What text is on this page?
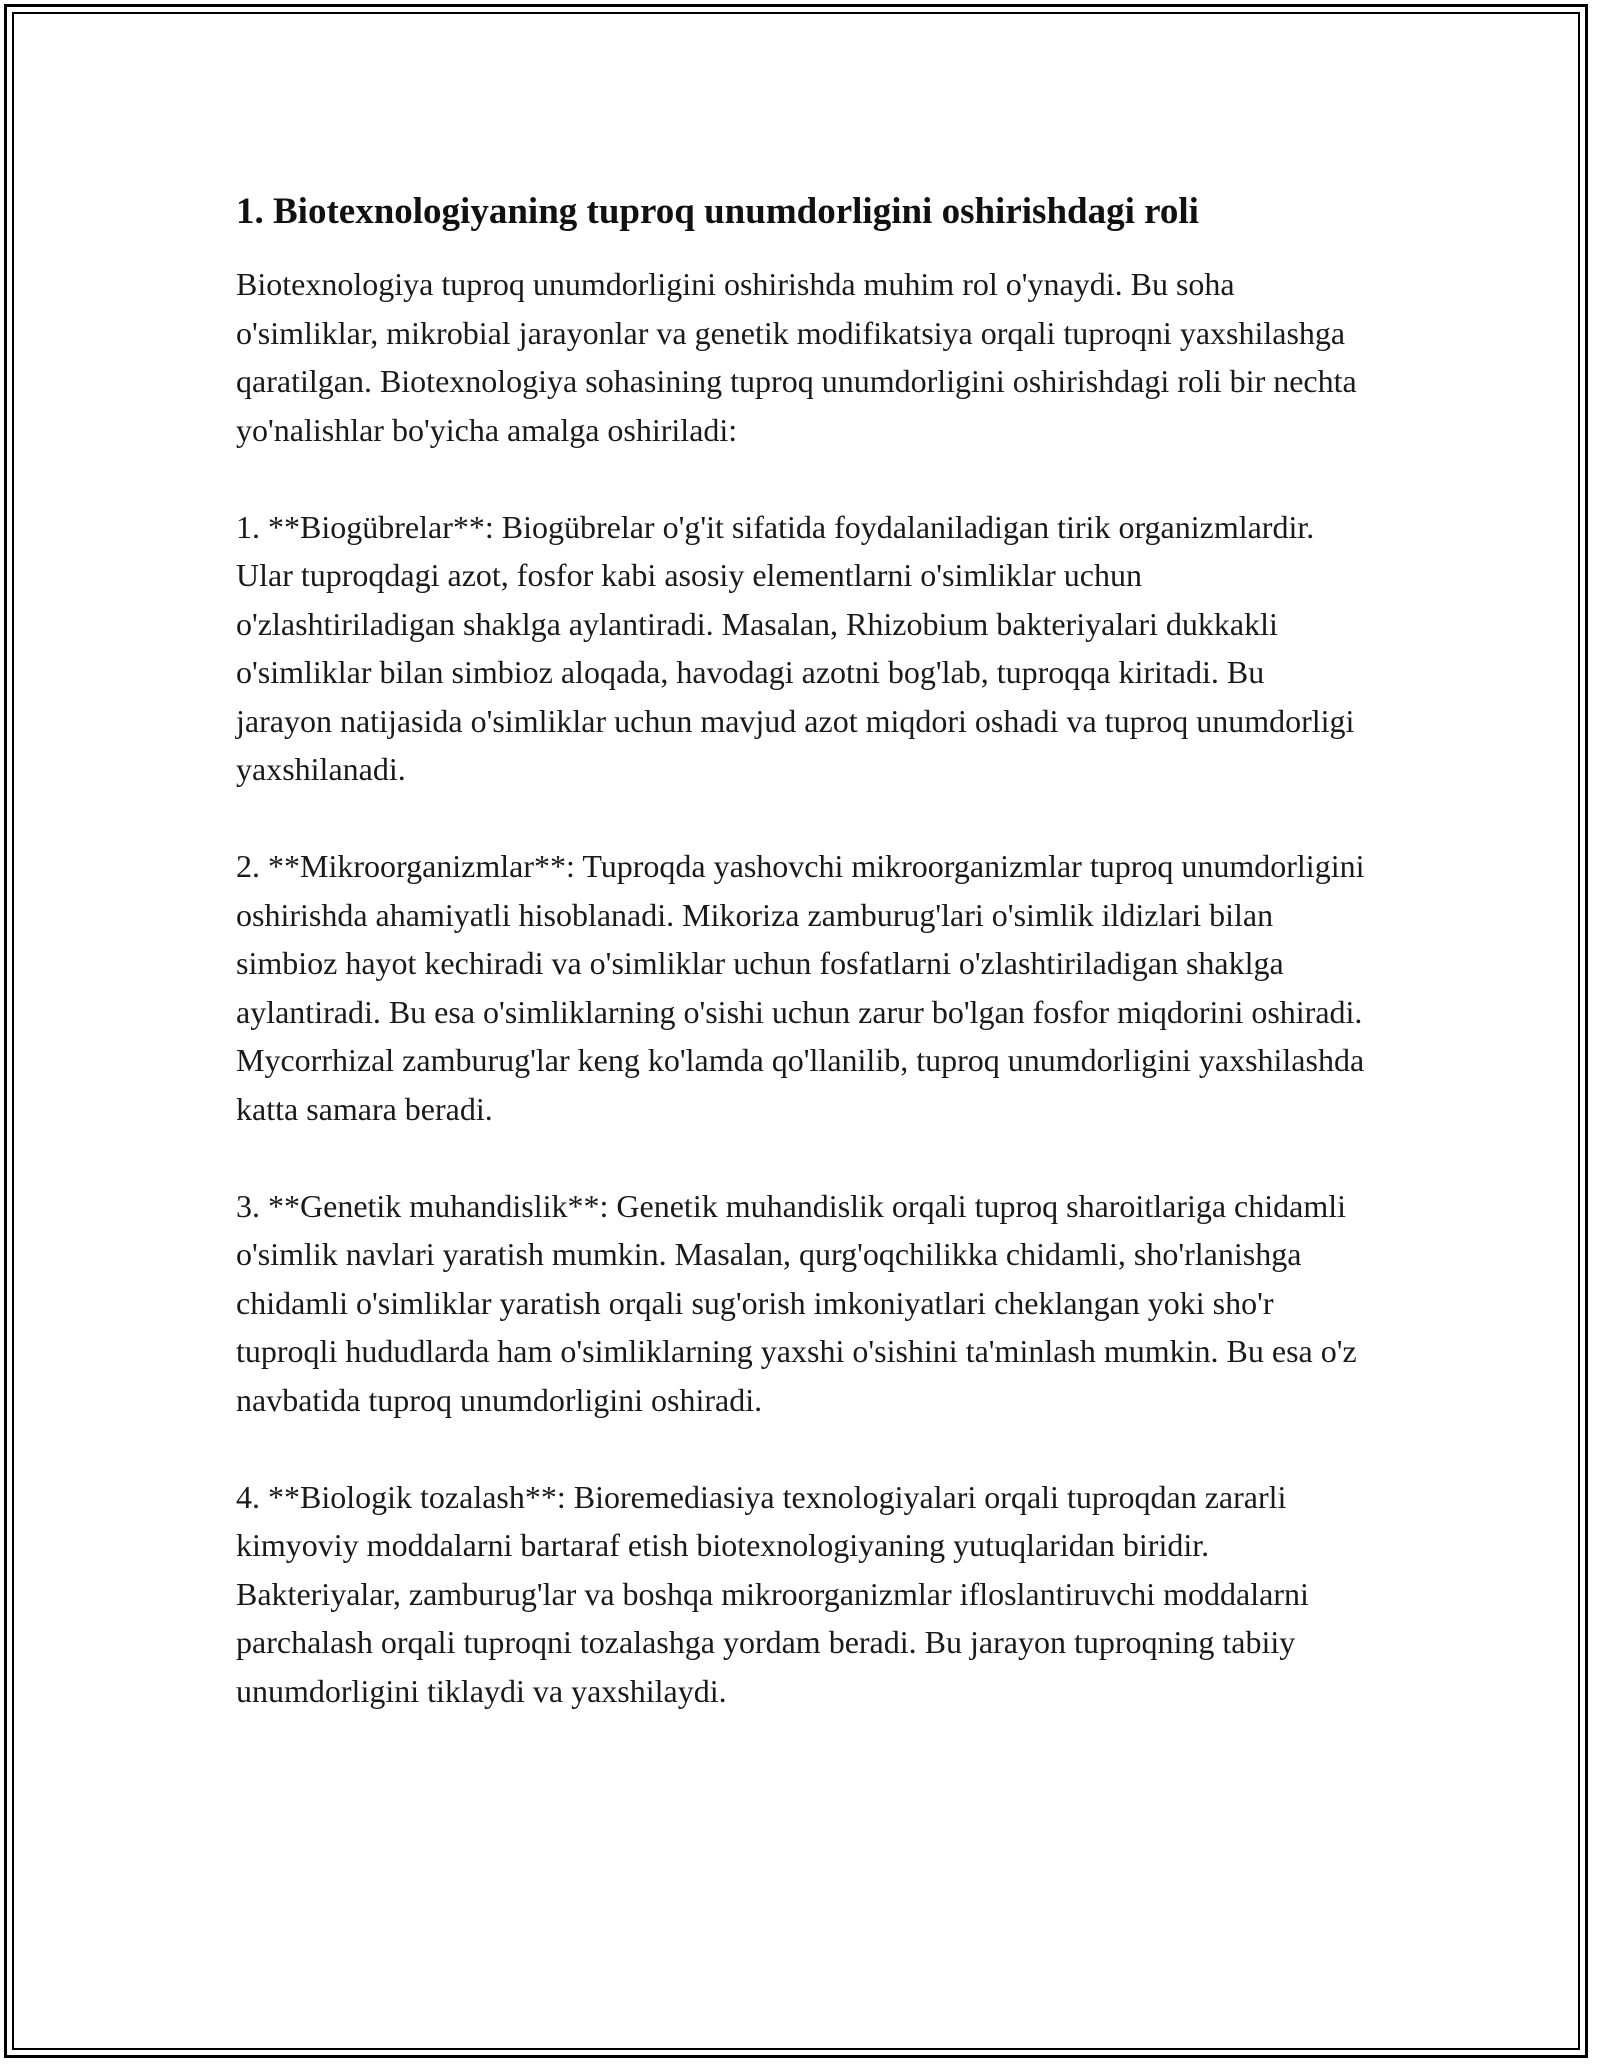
1. Biotexnologiyaning tuproq unumdorligini oshirishdagi roli

Biotexnologiya tuproq unumdorligini oshirishda muhim rol o'ynaydi. Bu soha o'simliklar, mikrobial jarayonlar va genetik modifikatsiya orqali tuproqni yaxshilashga qaratilgan. Biotexnologiya sohasining tuproq unumdorligini oshirishdagi roli bir nechta yo'nalishlar bo'yicha amalga oshiriladi:

1. **Biogübrelar**: Biogübrelar o'g'it sifatida foydalaniladigan tirik organizmlardir. Ular tuproqdagi azot, fosfor kabi asosiy elementlarni o'simliklar uchun o'zlashtiriladigan shaklga aylantiradi. Masalan, Rhizobium bakteriyalari dukkakli o'simliklar bilan simbioz aloqada, havodagi azotni bog'lab, tuproqqa kiritadi. Bu jarayon natijasida o'simliklar uchun mavjud azot miqdori oshadi va tuproq unumdorligi yaxshilanadi.

2. **Mikroorganizmlar**: Tuproqda yashovchi mikroorganizmlar tuproq unumdorligini oshirishda ahamiyatli hisoblanadi. Mikoriza zamburug'lari o'simlik ildizlari bilan simbioz hayot kechiradi va o'simliklar uchun fosfatlarni o'zlashtiriladigan shaklga aylantiradi. Bu esa o'simliklarning o'sishi uchun zarur bo'lgan fosfor miqdorini oshiradi. Mycorrhizal zamburug'lar keng ko'lamda qo'llanilib, tuproq unumdorligini yaxshilashda katta samara beradi.

3. **Genetik muhandislik**: Genetik muhandislik orqali tuproq sharoitlariga chidamli o'simlik navlari yaratish mumkin. Masalan, qurg'oqchilikka chidamli, sho'rlanishga chidamli o'simliklar yaratish orqali sug'orish imkoniyatlari cheklangan yoki sho'r tuproqli hududlarda ham o'simliklarning yaxshi o'sishini ta'minlash mumkin. Bu esa o'z navbatida tuproq unumdorligini oshiradi.

4. **Biologik tozalash**: Bioremediasiya texnologiyalari orqali tuproqdan zararli kimyoviy moddalarni bartaraf etish biotexnologiyaning yutuqlaridan biridir. Bakteriyalar, zamburug'lar va boshqa mikroorganizmlar ifloslantiruvchi moddalarni parchalash orqali tuproqni tozalashga yordam beradi. Bu jarayon tuproqning tabiiy unumdorligini tiklaydi va yaxshilaydi.
